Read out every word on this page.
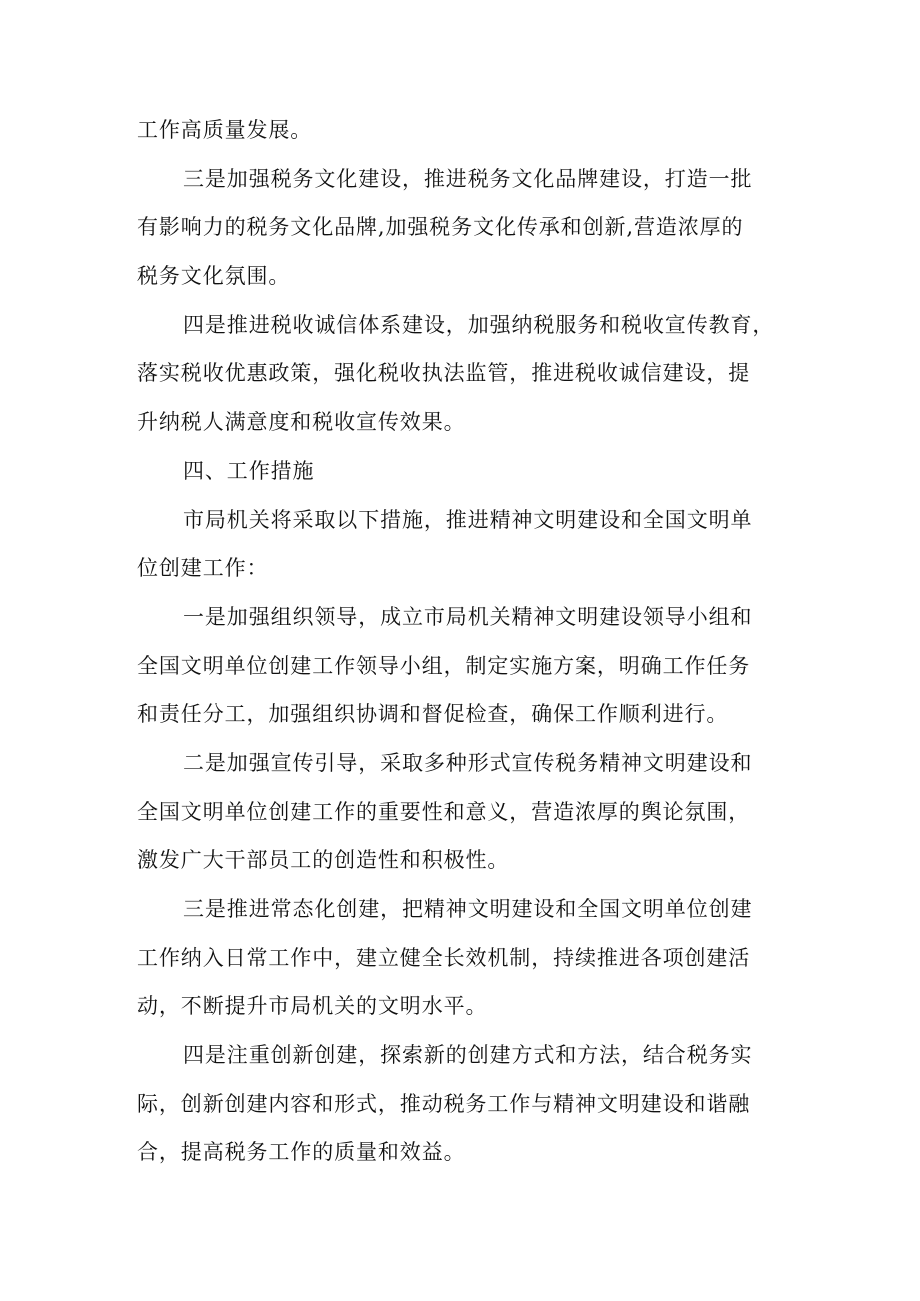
工作高质量发展。
三是加强税务文化建设，推进税务文化品牌建设，打造一批
有影响力的税务文化品牌,加强税务文化传承和创新,营造浓厚的
税务文化氛围。
四是推进税收诚信体系建设，加强纳税服务和税收宣传教育，
落实税收优惠政策，强化税收执法监管，推进税收诚信建设，提
升纳税人满意度和税收宣传效果。
四、工作措施
市局机关将采取以下措施，推进精神文明建设和全国文明单
位创建工作：
一是加强组织领导，成立市局机关精神文明建设领导小组和
全国文明单位创建工作领导小组，制定实施方案，明确工作任务
和责任分工，加强组织协调和督促检查，确保工作顺利进行。
二是加强宣传引导，采取多种形式宣传税务精神文明建设和
全国文明单位创建工作的重要性和意义，营造浓厚的舆论氛围，
激发广大干部员工的创造性和积极性。
三是推进常态化创建，把精神文明建设和全国文明单位创建
工作纳入日常工作中，建立健全长效机制，持续推进各项创建活
动，不断提升市局机关的文明水平。
四是注重创新创建，探索新的创建方式和方法，结合税务实
际，创新创建内容和形式，推动税务工作与精神文明建设和谐融
合，提高税务工作的质量和效益。
